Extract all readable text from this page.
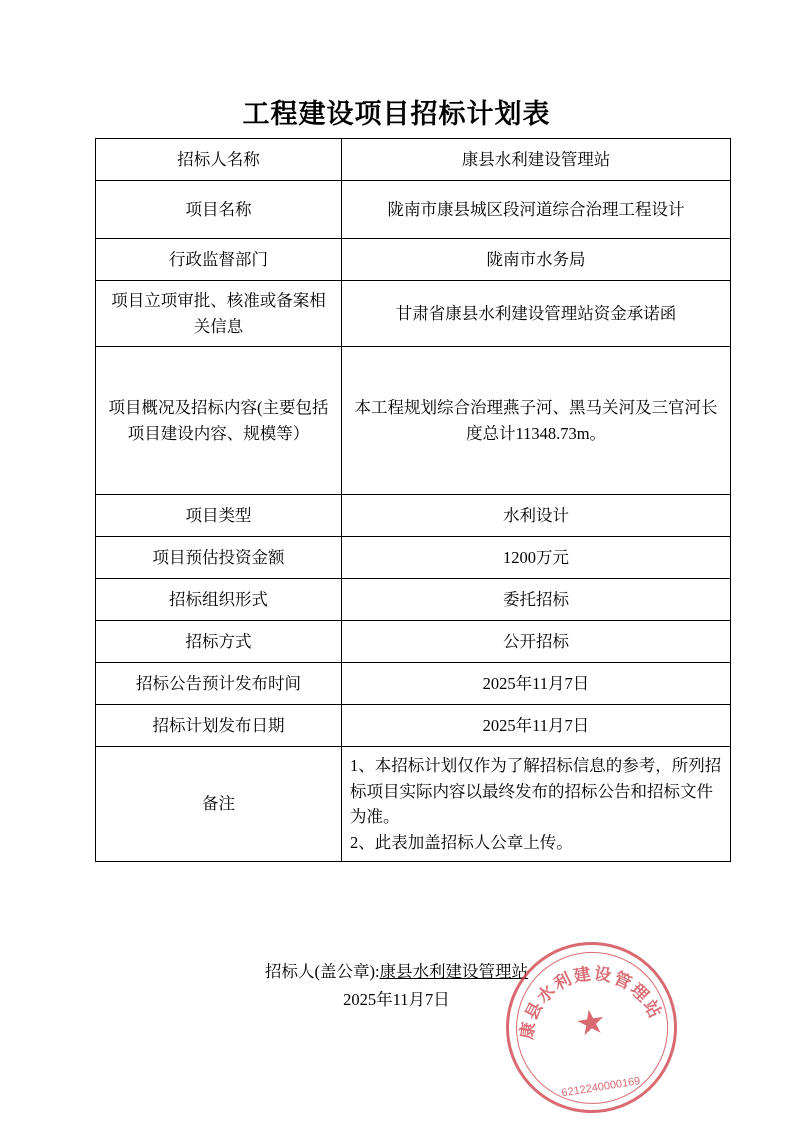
工程建设项目招标计划表
招标人名称	康县水利建设管理站
项目名称	陇南市康县城区段河道综合治理工程设计
行政监督部门	陇南市水务局
项目立项审批、核准或备案相关信息	甘肃省康县水利建设管理站资金承诺函
项目概况及招标内容(主要包括项目建设内容、规模等）	本工程规划综合治理燕子河、黑马关河及三官河长度总计11348.73m。
项目类型	水利设计
项目预估投资金额	1200万元
招标组织形式	委托招标
招标方式	公开招标
招标公告预计发布时间	2025年11月7日
招标计划发布日期	2025年11月7日
备注	1、本招标计划仅作为了解招标信息的参考，所列招 标项目实际内容以最终发布的招标公告和招标文件 为准。
2、此表加盖招标人公章上传。
招标人(盖公章):康县水利建设管理站
2025年11月7日
康县水利建设管理站
★
6212240000169
